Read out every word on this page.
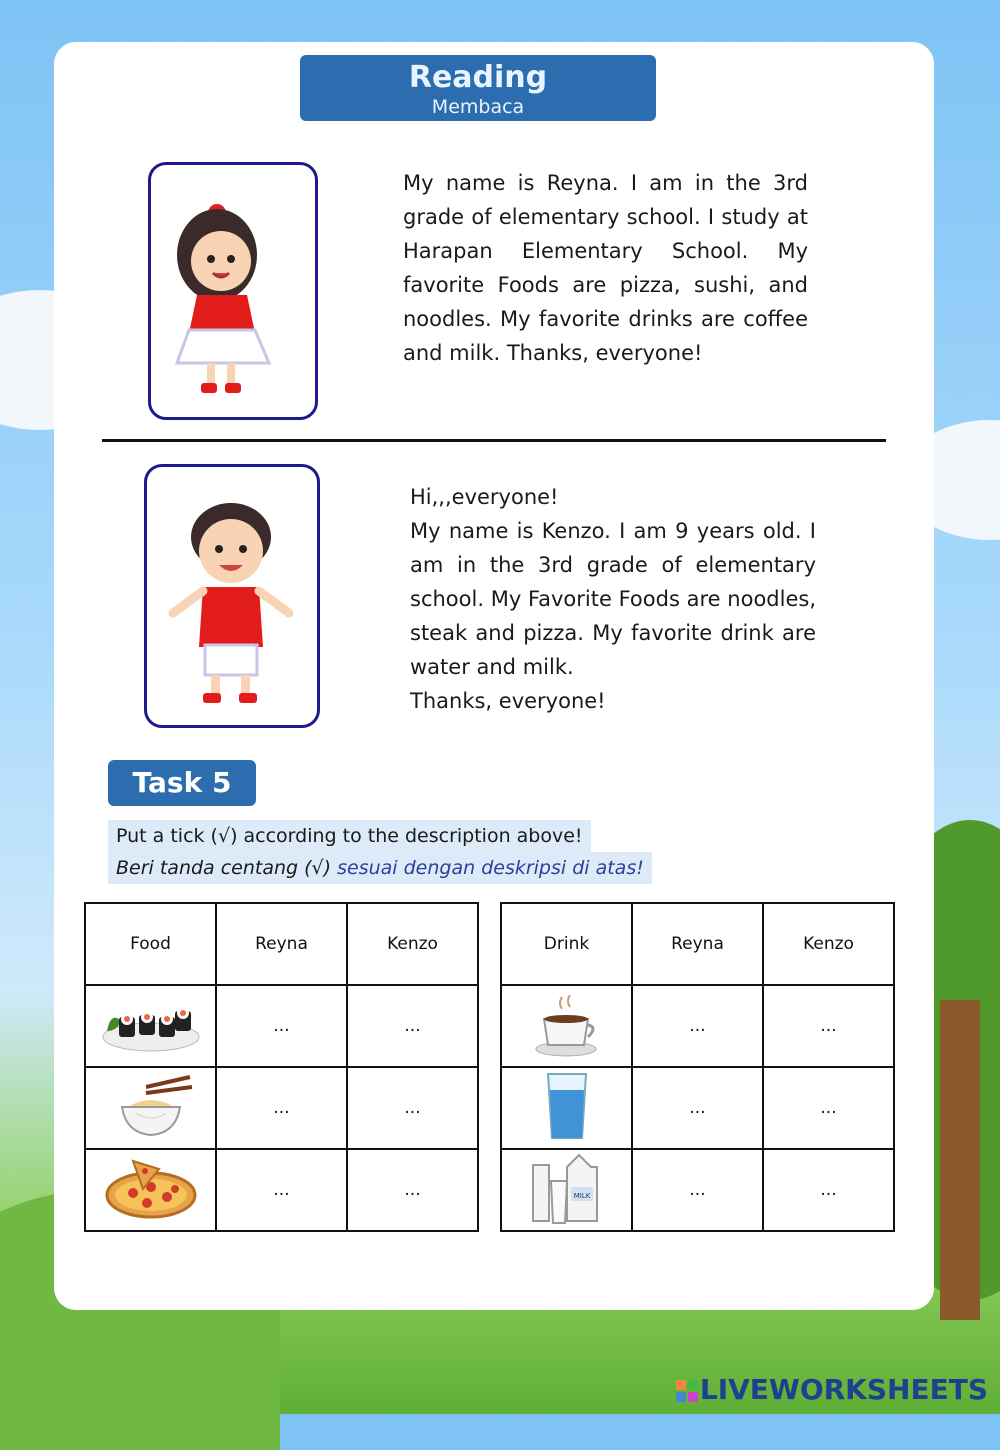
Reading
Membaca

My name is Reyna. I am in the 3rd grade of elementary school. I study at Harapan Elementary School. My favorite Foods are pizza, sushi, and noodles. My favorite drinks are coffee and milk. Thanks, everyone!

Hi,,,everyone!

My name is Kenzo. I am 9 years old. I am in the 3rd grade of elementary school. My Favorite Foods are noodles, steak and pizza. My favorite drink are water and milk.

Thanks, everyone!

Task 5
Put a tick (√) according to the description above!
Beri tanda centang (√) sesuai dengan deskripsi di atas!
Food	Reyna	Kenzo
	...	...
	...	...
	...	...
Drink	Reyna	Kenzo
	...	...
	...	...

MILK	...	...
LIVEWORKSHEETS
